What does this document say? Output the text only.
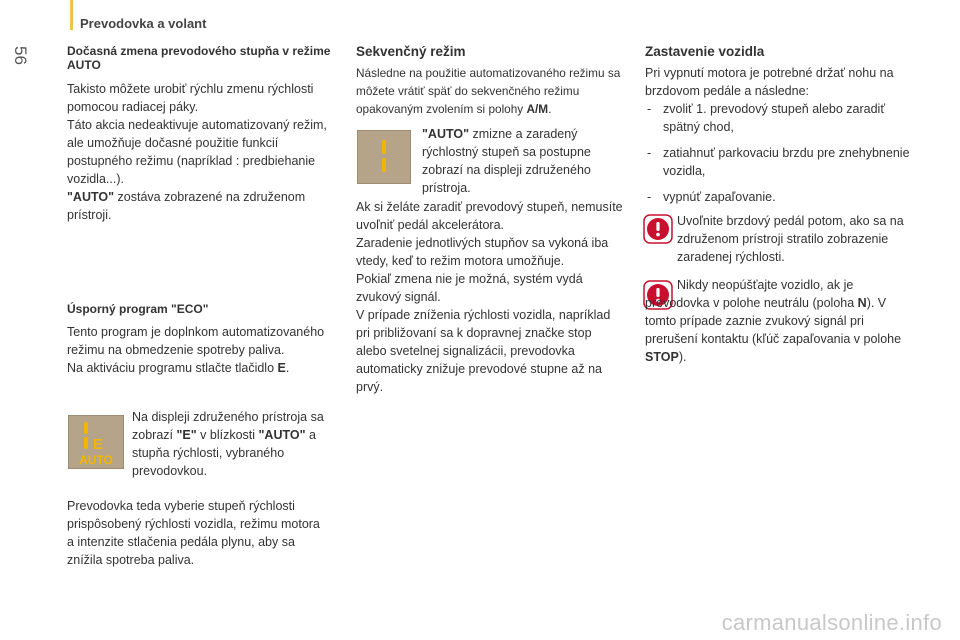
Prevodovka a volant
56	Dočasná zmena prevodového stupňa v režime AUTO
Takisto môžete urobiť rýchlu zmenu rýchlosti pomocou radiacej páky.
Táto akcia nedeaktivuje automatizovaný režim, ale umožňuje dočasné použitie funkcií postupného režimu (napríklad : predbiehanie vozidla...).
"AUTO" zostáva zobrazené na združenom prístroji.
Úsporný program "ECO"
Tento program je doplnkom automatizovaného režimu na obmedzenie spotreby paliva.
Na aktiváciu programu stlačte tlačidlo E.
E
AUTO
Na displeji združeného prístroja sa zobrazí "E" v blízkosti "AUTO" a stupňa rýchlosti, vybraného prevodovkou.
Prevodovka teda vyberie stupeň rýchlosti prispôsobený rýchlosti vozidla, režimu motora a intenzite stlačenia pedála plynu, aby sa znížila spotreba paliva.
Sekvenčný režim
Následne na použitie automatizovaného režimu sa môžete vrátiť späť do sekvenčného režimu opakovaným zvolením si polohy A/M.
"AUTO" zmizne a zaradený rýchlostný stupeň sa postupne zobrazí na displeji združeného prístroja.
Ak si želáte zaradiť prevodový stupeň, nemusíte uvoľniť pedál akcelerátora.
Zaradenie jednotlivých stupňov sa vykoná iba vtedy, keď to režim motora umožňuje.
Pokiaľ zmena nie je možná, systém vydá zvukový signál.
V prípade zníženia rýchlosti vozidla, napríklad pri približovaní sa k dopravnej značke stop alebo svetelnej signalizácii, prevodovka automaticky znižuje prevodové stupne až na prvý.
Zastavenie vozidla
Pri vypnutí motora je potrebné držať nohu na brzdovom pedále a následne:
- zvoliť 1. prevodový stupeň alebo zaradiť spätný chod,
- zatiahnuť parkovaciu brzdu pre znehybnenie vozidla,
- vypnúť zapaľovanie.
Uvoľnite brzdový pedál potom, ako sa na združenom prístroji stratilo zobrazenie zaradenej rýchlosti.
Nikdy neopúšťajte vozidlo, ak je prevodovka v polohe neutrálu (poloha N). V tomto prípade zaznie zvukový signál pri prerušení kontaktu (kľúč zapaľovania v polohe STOP).
carmanualsonline.info
